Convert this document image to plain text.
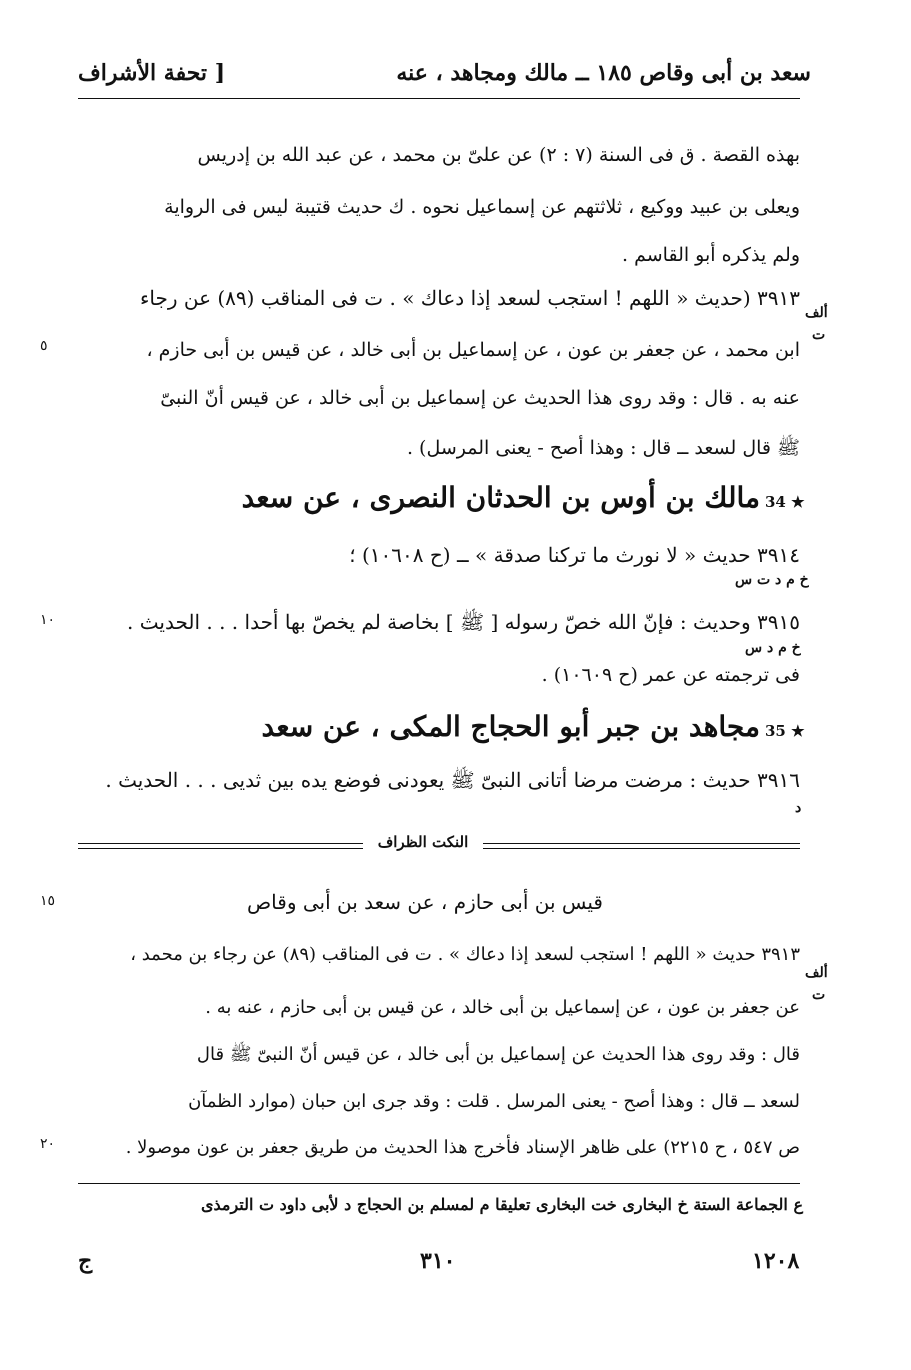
سعد بن أبى وقاص ١٨٥ ــ مالك ومجاهد ، عنه
[ تحفة الأشراف
بهذه القصة . ق فى السنة (٧ : ٢) عن علىّ بن محمد ، عن عبد الله بن إدريس
ويعلى بن عبيد ووكيع ، ثلاثتهم عن إسماعيل نحوه . ك حديث قتيبة ليس فى الرواية
ولم يذكره أبو القاسم .
٣٩١٣ (حديث « اللهم ! استجب لسعد إذا دعاك » . ت فى المناقب (٨٩) عن رجاء
ألف
ت
ابن محمد ، عن جعفر بن عون ، عن إسماعيل بن أبى خالد ، عن قيس بن أبى حازم ،
٥
عنه به . قال : وقد روى هذا الحديث عن إسماعيل بن أبى خالد ، عن قيس أنّ النبىّ
ﷺ قال لسعد ــ قال : وهذا أصح - يعنى المرسل) .
34 ★
مالك بن أوس بن الحدثان النصرى ، عن سعد
٣٩١٤ حديث « لا نورث ما تركنا صدقة » ــ (ح ١٠٦٠٨) ؛
خ م د ت س
٣٩١٥ وحديث : فإنّ الله خصّ رسوله [ ﷺ ] بخاصة لم يخصّ بها أحدا . . . الحديث .
١٠
خ م د س
فى ترجمته عن عمر (ح ١٠٦٠٩) .
35 ★
مجاهد بن جبر أبو الحجاج المكى ، عن سعد
٣٩١٦ حديث : مرضت مرضا أتانى النبىّ ﷺ يعودنى فوضع يده بين ثديى . . . الحديث .
د
النكت الظراف
قيس بن أبى حازم ، عن سعد بن أبى وقاص
١٥
٣٩١٣ حديث « اللهم ! استجب لسعد إذا دعاك » . ت فى المناقب (٨٩) عن رجاء بن محمد ،
ألف
ت
عن جعفر بن عون ، عن إسماعيل بن أبى خالد ، عن قيس بن أبى حازم ، عنه به .
قال : وقد روى هذا الحديث عن إسماعيل بن أبى خالد ، عن قيس أنّ النبىّ ﷺ قال
لسعد ــ قال : وهذا أصح - يعنى المرسل . قلت : وقد جرى ابن حبان (موارد الظمآن
ص ٥٤٧ ، ح ٢٢١٥) على ظاهر الإسناد فأخرج هذا الحديث من طريق جعفر بن عون موصولا .
٢٠
ع الجماعة الستة خ البخارى خت البخارى تعليقا م لمسلم بن الحجاج د لأبى داود ت الترمذى
١٢٠٨
٣١٠
ج
